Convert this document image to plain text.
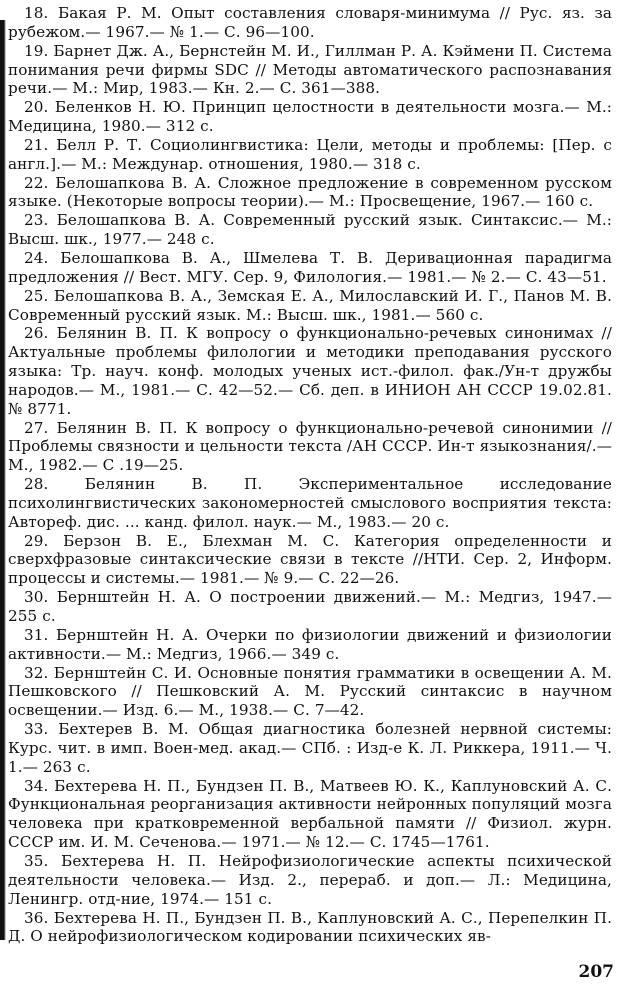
18. Бакая Р. М. Опыт составления словаря-минимума // Рус. яз. за рубежом.— 1967.— № 1.— С. 96—100.

19. Барнет Дж. А., Бернстейн М. И., Гиллман Р. А. Кэймени П. Система понимания речи фирмы SDC // Методы автоматического распознавания речи.— М.: Мир, 1983.— Кн. 2.— С. 361—388.

20. Беленков Н. Ю. Принцип целостности в деятельности мозга.— М.: Медицина, 1980.— 312 с.

21. Белл Р. Т. Социолингвистика: Цели, методы и проблемы: [Пер. с англ.].— М.: Междунар. отношения, 1980.— 318 с.

22. Белошапкова В. А. Сложное предложение в современном русском языке. (Некоторые вопросы теории).— М.: Просвещение, 1967.— 160 с.

23. Белошапкова В. А. Современный русский язык. Синтаксис.— М.: Высш. шк., 1977.— 248 с.

24. Белошапкова В. А., Шмелева Т. В. Деривационная парадигма предложения // Вест. МГУ. Сер. 9, Филология.— 1981.— № 2.— С. 43—51.

25. Белошапкова В. А., Земская Е. А., Милославский И. Г., Панов М. В. Современный русский язык. М.: Высш. шк., 1981.— 560 с.

26. Белянин В. П. К вопросу о функционально-речевых синонимах // Актуальные проблемы филологии и методики преподавания русского языка: Тр. науч. конф. молодых ученых ист.-филол. фак./Ун-т дружбы народов.— М., 1981.— С. 42—52.— Сб. деп. в ИНИОН АН СССР 19.02.81. № 8771.

27. Белянин В. П. К вопросу о функционально-речевой синонимии // Проблемы связности и цельности текста /АН СССР. Ин-т языкознания/.— М., 1982.— С .19—25.

28. Белянин В. П. Экспериментальное исследование психолингвистических закономерностей смыслового восприятия текста: Автореф. дис. ... канд. филол. наук.— М., 1983.— 20 с.

29. Берзон В. Е., Блехман М. С. Категория определенности и сверхфразовые синтаксические связи в тексте //НТИ. Сер. 2, Информ. процессы и системы.— 1981.— № 9.— С. 22—26.

30. Бернштейн Н. А. О построении движений.— М.: Медгиз, 1947.— 255 с.

31. Бернштейн Н. А. Очерки по физиологии движений и физиологии активности.— М.: Медгиз, 1966.— 349 с.

32. Бернштейн С. И. Основные понятия грамматики в освещении А. М. Пешковского // Пешковский А. М. Русский синтаксис в научном освещении.— Изд. 6.— М., 1938.— С. 7—42.

33. Бехтерев В. М. Общая диагностика болезней нервной системы: Курс. чит. в имп. Воен-мед. акад.— СПб. : Изд-е К. Л. Риккера, 1911.— Ч. 1.— 263 с.

34. Бехтерева Н. П., Бундзен П. В., Матвеев Ю. К., Каплуновский А. С. Функциональная реорганизация активности нейронных популяций мозга человека при кратковременной вербальной памяти // Физиол. журн. СССР им. И. М. Сеченова.— 1971.— № 12.— С. 1745—1761.

35. Бехтерева Н. П. Нейрофизиологические аспекты психической деятельности человека.— Изд. 2., перераб. и доп.— Л.: Медицина, Ленингр. отд-ние, 1974.— 151 с.

36. Бехтерева Н. П., Бундзен П. В., Каплуновский А. С., Перепелкин П. Д. О нейрофизиологическом кодировании психических яв-

207
